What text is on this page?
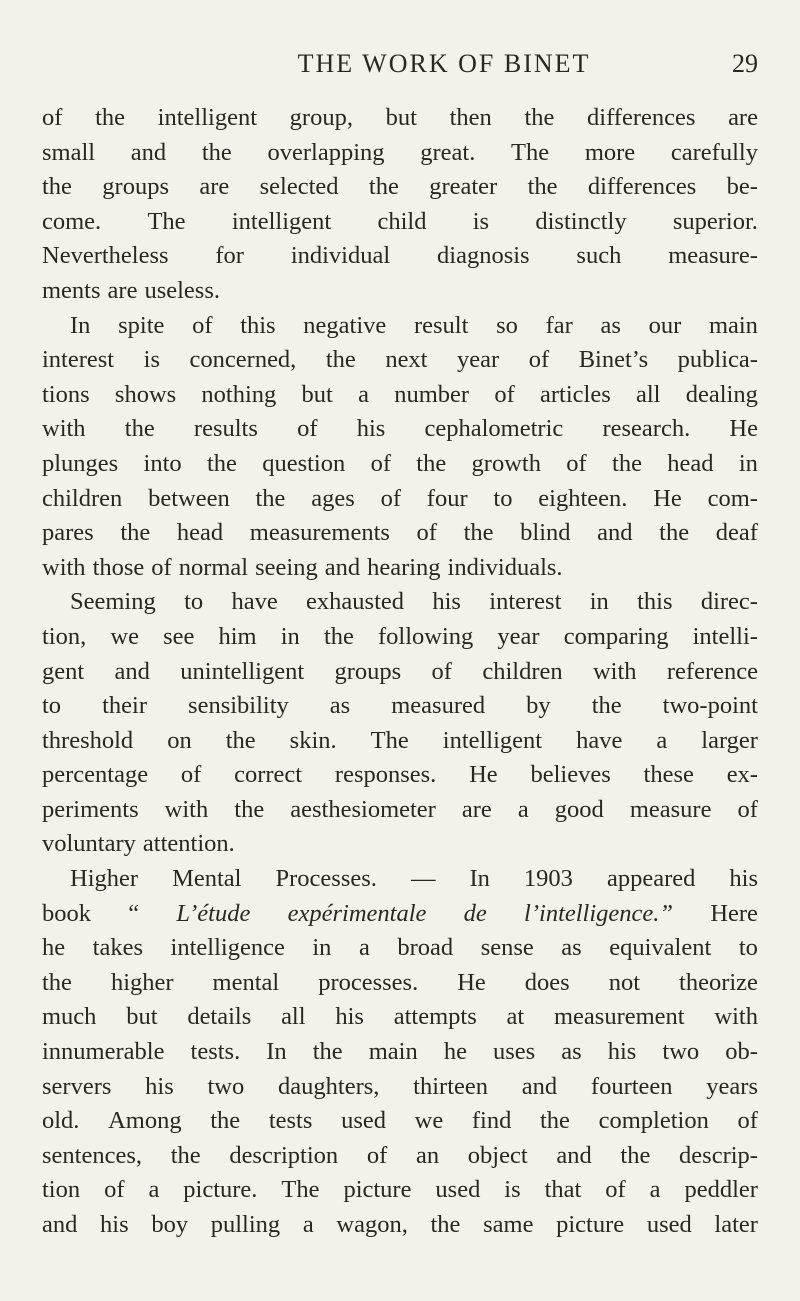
THE WORK OF BINET	29
of the intelligent group, but then the differences are
small and the overlapping great. The more carefully
the groups are selected the greater the differences be-
come. The intelligent child is distinctly superior.
Nevertheless for individual diagnosis such measure-
ments are useless.
In spite of this negative result so far as our main
interest is concerned, the next year of Binet’s publica-
tions shows nothing but a number of articles all dealing
with the results of his cephalometric research. He
plunges into the question of the growth of the head in
children between the ages of four to eighteen. He com-
pares the head measurements of the blind and the deaf
with those of normal seeing and hearing individuals.
Seeming to have exhausted his interest in this direc-
tion, we see him in the following year comparing intelli-
gent and unintelligent groups of children with reference
to their sensibility as measured by the two-point
threshold on the skin. The intelligent have a larger
percentage of correct responses. He believes these ex-
periments with the aesthesiometer are a good measure of
voluntary attention.
Higher Mental Processes. — In 1903 appeared his
book “ L’étude expérimentale de l’intelligence.” Here
he takes intelligence in a broad sense as equivalent to
the higher mental processes. He does not theorize
much but details all his attempts at measurement with
innumerable tests. In the main he uses as his two ob-
servers his two daughters, thirteen and fourteen years
old. Among the tests used we find the completion of
sentences, the description of an object and the descrip-
tion of a picture. The picture used is that of a peddler
and his boy pulling a wagon, the same picture used later
